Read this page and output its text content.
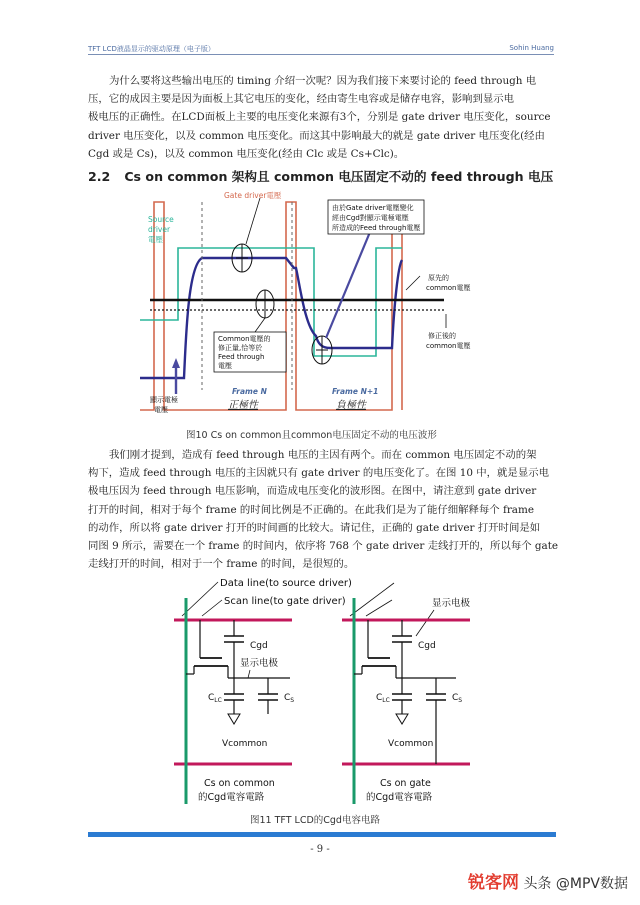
TFT LCD液晶显示的驱动原理（电子版）	Sohin Huang

为什么要将这些输出电压的 timing 介绍一次呢？因为我们接下来要讨论的 feed through 电
压，它的成因主要是因为面板上其它电压的变化，经由寄生电容或是储存电容，影响到显示电
极电压的正确性。在LCD面板上主要的电压变化来源有3个，分别是 gate driver 电压变化，source
driver 电压变化，以及 common 电压变化。而这其中影响最大的就是 gate driver 电压变化(经由
Cgd 或是 Cs)，以及 common 电压变化(经由 Clc 或是 Cs+Clc)。

2.2 Cs on common 架构且 common 电压固定不动的 feed through 电压
Gate driver電壓
Source driver 電壓
由於Gate driver電壓變化 經由Cgd對顯示電極電壓 所造成的Feed through電壓
原先的 common電壓
修正後的 common電壓
Common電壓的 修正量,恰等於 Feed through 電壓
顯示電極 電壓
Frame N	Frame N+1
正極性	負極性
图10 Cs on common且common电压固定不动的电压波形

我们刚才提到，造成有 feed through 电压的主因有两个。而在 common 电压固定不动的架
构下，造成 feed through 电压的主因就只有 gate driver 的电压变化了。在图 10 中，就是显示电
极电压因为 feed through 电压影响，而造成电压变化的波形图。在图中，请注意到 gate driver
打开的时间，相对于每个 frame 的时间比例是不正确的。在此我们是为了能仔细解释每个 frame
的动作，所以将 gate driver 打开的时间画的比较大。请记住，正确的 gate driver 打开时间是如
同图 9 所示，需要在一个 frame 的时间内，依序将 768 个 gate driver 走线打开的，所以每个 gate
走线打开的时间，相对于一个 frame 的时间，是很短的。

Data line(to source driver)
Scan line(to gate driver)	显示电极
Cgd
$C_{LC}$	$C_S$
显示电极
Vcommon
Cs on common 的Cgd電容電路
Cgd
$C_{LC}$	$C_S$
Vcommon
Cs on gate 的Cgd電容電路
图11 TFT LCD的Cgd电容电路
- 9 -
锐客网 头条 @MPV数据
